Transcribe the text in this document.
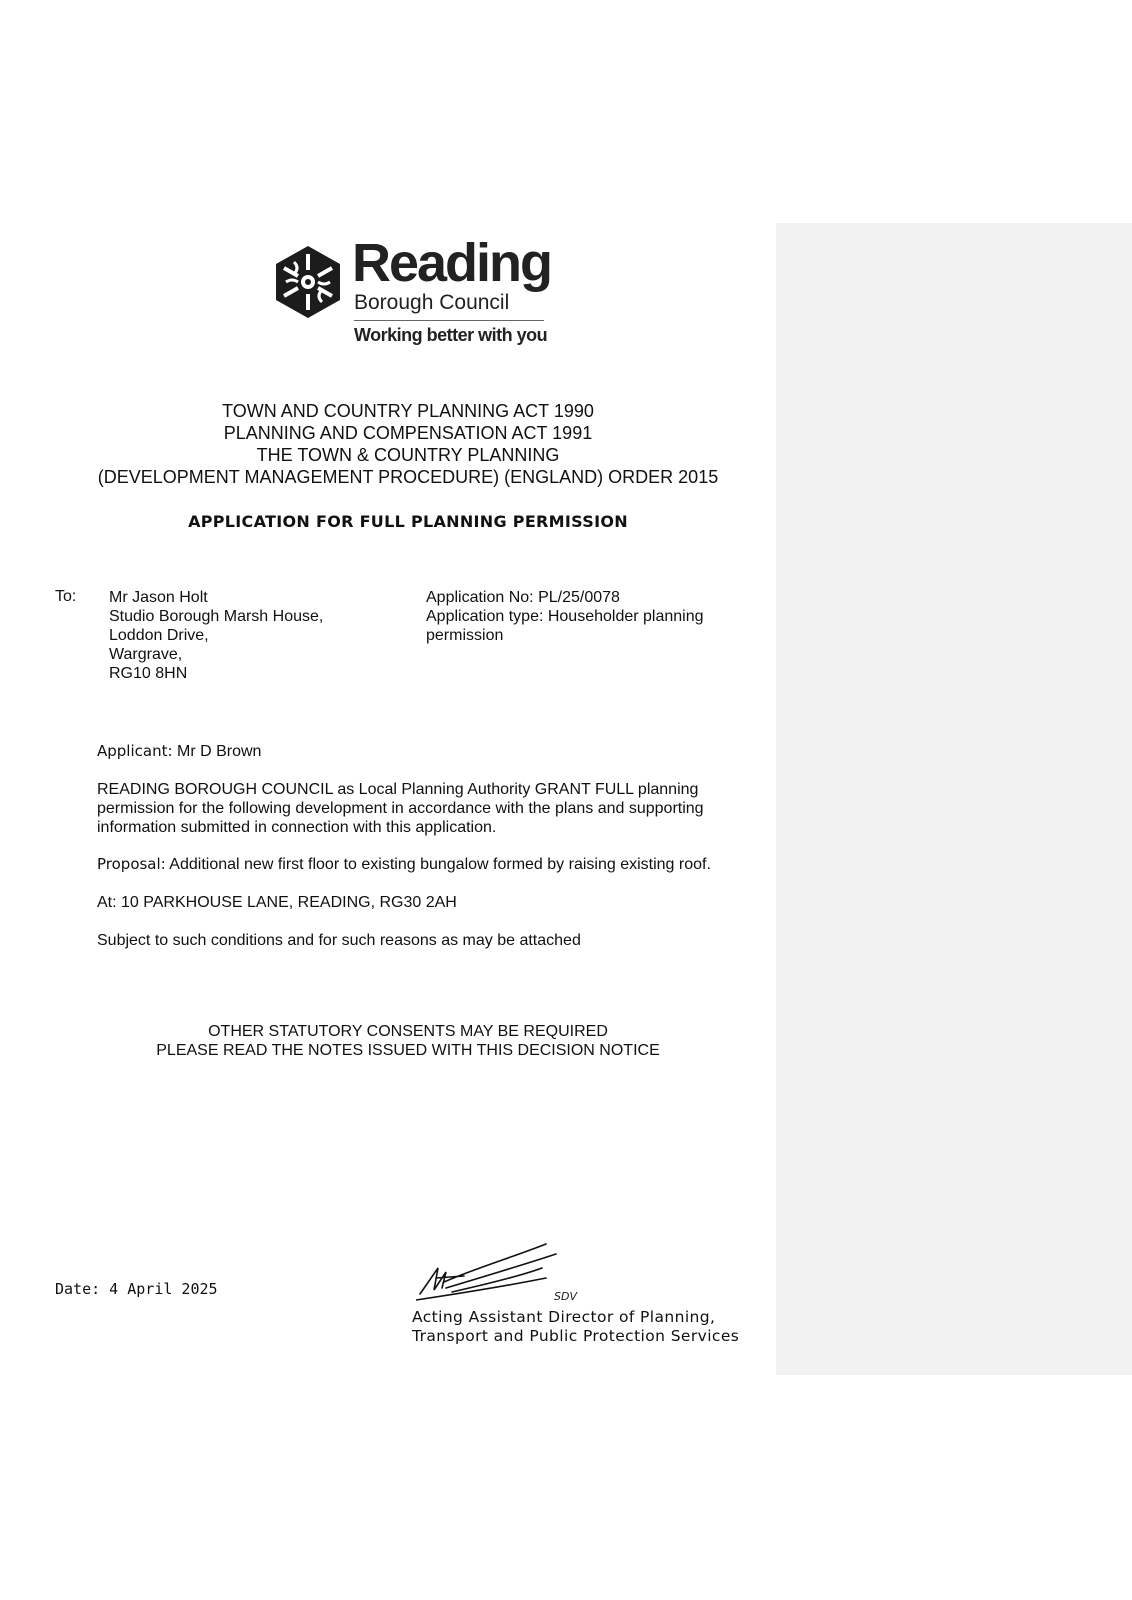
Reading
Borough Council
Working better with you
TOWN AND COUNTRY PLANNING ACT 1990
PLANNING AND COMPENSATION ACT 1991
THE TOWN & COUNTRY PLANNING
(DEVELOPMENT MANAGEMENT PROCEDURE) (ENGLAND) ORDER 2015
APPLICATION FOR FULL PLANNING PERMISSION
To: Mr Jason Holt
Studio Borough Marsh House,
Loddon Drive,
Wargrave,
RG10 8HN
Application No: PL/25/0078
Application type: Householder planning permission
Applicant: Mr D Brown
READING BOROUGH COUNCIL as Local Planning Authority GRANT FULL planning permission for the following development in accordance with the plans and supporting information submitted in connection with this application.
Proposal: Additional new first floor to existing bungalow formed by raising existing roof.
At: 10 PARKHOUSE LANE, READING, RG30 2AH
Subject to such conditions and for such reasons as may be attached
OTHER STATUTORY CONSENTS MAY BE REQUIRED
PLEASE READ THE NOTES ISSUED WITH THIS DECISION NOTICE
Date: 4 April 2025	SDV
Acting Assistant Director of Planning,
Transport and Public Protection Services
